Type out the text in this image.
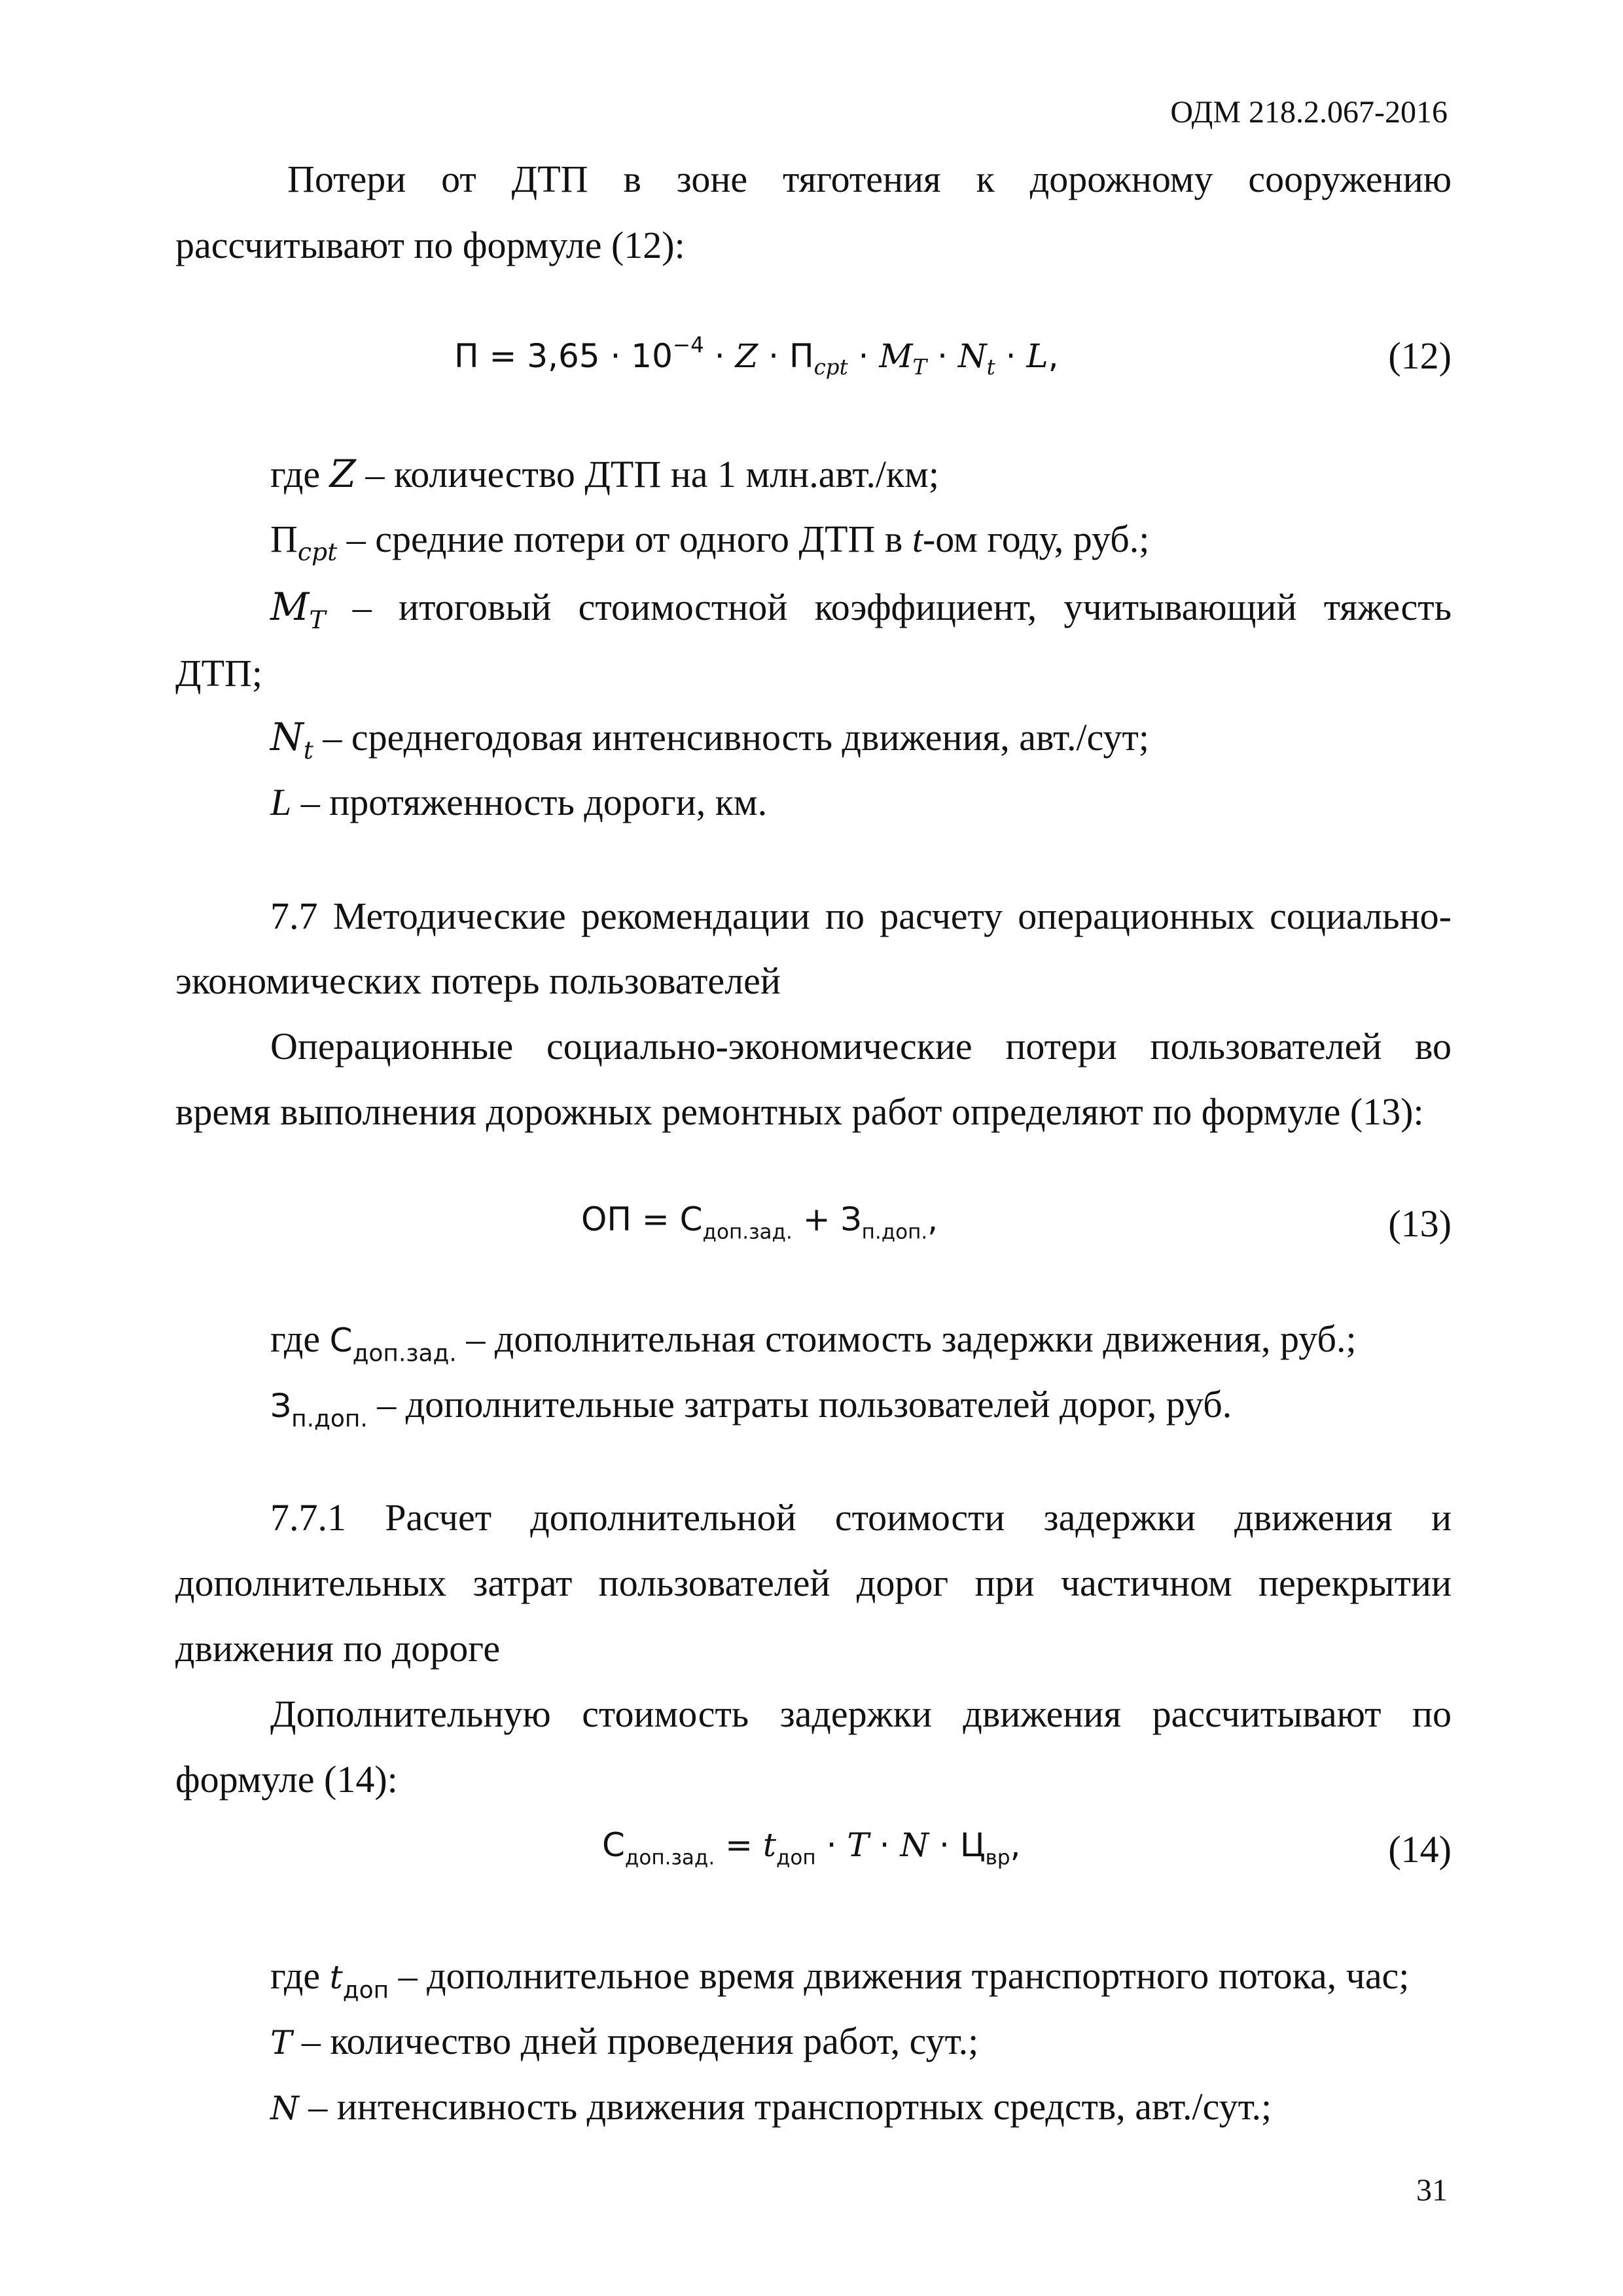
ОДМ 218.2.067-2016
Потери от ДТП в зоне тяготения к дорожному сооружению
рассчитывают по формуле (12):
$П = 3,65 \cdot 10^{-4} \cdot Z \cdot П_{cpt} \cdot M_T \cdot N_t \cdot L$,	(12)
где Z – количество ДТП на 1 млн.авт./км;
$П_{cpt}$ – средние потери от одного ДТП в t-ом году, руб.;
$M_T$ – итоговый стоимостной коэффициент, учитывающий тяжесть
ДТП;
$N_t$ – среднегодовая интенсивность движения, авт./сут;
L – протяженность дороги, км.
7.7 Методические рекомендации по расчету операционных социально-
экономических потерь пользователей
Операционные социально-экономические потери пользователей во
время выполнения дорожных ремонтных работ определяют по формуле (13):
ОП = $С_{доп.зад.} + З_{п.доп.}$,	(13)
где $С_{доп.зад.}$ – дополнительная стоимость задержки движения, руб.;
$З_{п.доп.}$ – дополнительные затраты пользователей дорог, руб.
7.7.1 Расчет дополнительной стоимости задержки движения и
дополнительных затрат пользователей дорог при частичном перекрытии
движения по дороге
Дополнительную стоимость задержки движения рассчитывают по
формуле (14):
$С_{доп.зад.} = t_{доп} \cdot T \cdot N \cdot Ц_{вр}$,	(14)
где $t_{доп}$ – дополнительное время движения транспортного потока, час;
T – количество дней проведения работ, сут.;
N – интенсивность движения транспортных средств, авт./сут.;
31
